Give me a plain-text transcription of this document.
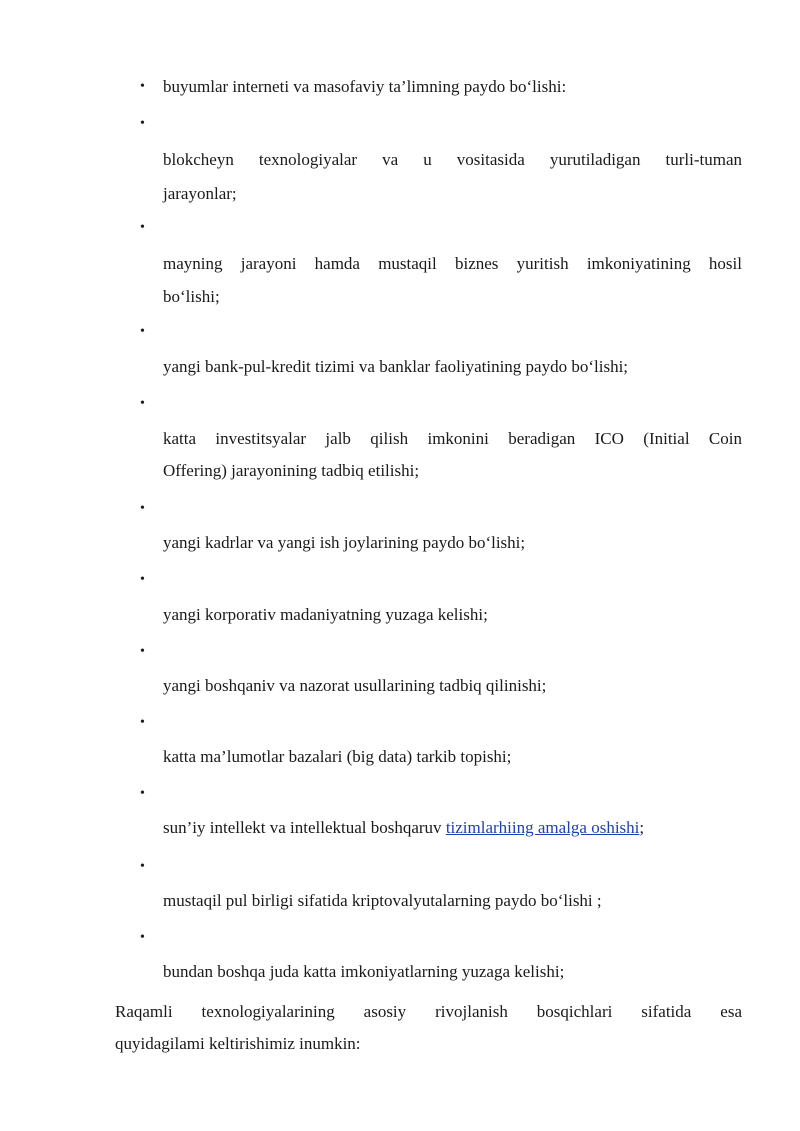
• buyumlar interneti va masofaviy ta’limning paydo bo‘lishi:
•
blokcheyn texnologiyalar va u vositasida yurutiladigan turli-tuman
jarayonlar;
•
mayning jarayoni hamda mustaqil biznes yuritish imkoniyatining hosil
bo‘lishi;
•
yangi bank-pul-kredit tizimi va banklar faoliyatining paydo bo‘lishi;
•
katta investitsyalar jalb qilish imkonini beradigan ICO (Initial Coin
Offering) jarayonining tadbiq etilishi;
•
yangi kadrlar va yangi ish joylarining paydo bo‘lishi;
•
yangi korporativ madaniyatning yuzaga kelishi;
•
yangi boshqaniv va nazorat usullarining tadbiq qilinishi;
•
katta ma’lumotlar bazalari (big data) tarkib topishi;
•
sun’iy intellekt va intellektual boshqaruv tizimlarhiing amalga oshishi;
•
mustaqil pul birligi sifatida kriptovalyutalarning paydo bo‘lishi ;
•
bundan boshqa juda katta imkoniyatlarning yuzaga kelishi;
Raqamli texnologiyalarining asosiy rivojlanish bosqichlari sifatida esa
quyidagilami keltirishimiz inumkin:
